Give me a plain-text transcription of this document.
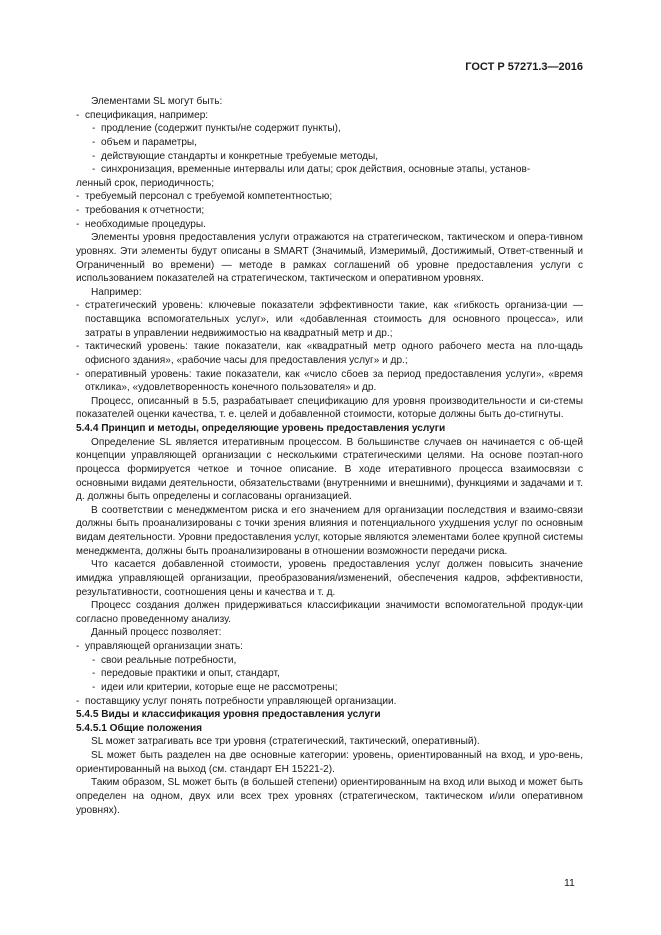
ГОСТ Р 57271.3—2016

Элементами SL могут быть:

- спецификация, например:

- продление (содержит пункты/не содержит пункты),

- объем и параметры,

- действующие стандарты и конкретные требуемые методы,

- синхронизация, временные интервалы или даты; срок действия, основные этапы, установ-

ленный срок, периодичность;

- требуемый персонал с требуемой компетентностью;

- требования к отчетности;

- необходимые процедуры.

Элементы уровня предоставления услуги отражаются на стратегическом, тактическом и опера-тивном уровнях. Эти элементы будут описаны в SMART (Значимый, Измеримый, Достижимый, Ответ-ственный и Ограниченный во времени) — методе в рамках соглашений об уровне предоставления услуги с использованием показателей на стратегическом, тактическом и оперативном уровнях.

Например:

- стратегический уровень: ключевые показатели эффективности такие, как «гибкость организа-ции — поставщика вспомогательных услуг», или «добавленная стоимость для основного процесса», или затраты в управлении недвижимостью на квадратный метр и др.;

- тактический уровень: такие показатели, как «квадратный метр одного рабочего места на пло-щадь офисного здания», «рабочие часы для предоставления услуг» и др.;

- оперативный уровень: такие показатели, как «число сбоев за период предоставления услуги», «время отклика», «удовлетворенность конечного пользователя» и др.

Процесс, описанный в 5.5, разрабатывает спецификацию для уровня производительности и си-стемы показателей оценки качества, т. е. целей и добавленной стоимости, которые должны быть до-стигнуты.

5.4.4 Принцип и методы, определяющие уровень предоставления услуги

Определение SL является итеративным процессом. В большинстве случаев он начинается с об-щей концепции управляющей организации с несколькими стратегическими целями. На основе поэтап-ного процесса формируется четкое и точное описание. В ходе итеративного процесса взаимосвязи с основными видами деятельности, обязательствами (внутренними и внешними), функциями и задачами и т. д. должны быть определены и согласованы организацией.

В соответствии с менеджментом риска и его значением для организации последствия и взаимо-связи должны быть проанализированы с точки зрения влияния и потенциального ухудшения услуг по основным видам деятельности. Уровни предоставления услуг, которые являются элементами более крупной системы менеджмента, должны быть проанализированы в отношении возможности передачи риска.

Что касается добавленной стоимости, уровень предоставления услуг должен повысить значение имиджа управляющей организации, преобразования/изменений, обеспечения кадров, эффективности, результативности, соотношения цены и качества и т. д.

Процесс создания должен придерживаться классификации значимости вспомогательной продук-ции согласно проведенному анализу.

Данный процесс позволяет:

- управляющей организации знать:

- свои реальные потребности,

- передовые практики и опыт, стандарт,

- идеи или критерии, которые еще не рассмотрены;

- поставщику услуг понять потребности управляющей организации.

5.4.5 Виды и классификация уровня предоставления услуги

5.4.5.1 Общие положения

SL может затрагивать все три уровня (стратегический, тактический, оперативный).

SL может быть разделен на две основные категории: уровень, ориентированный на вход, и уро-вень, ориентированный на выход (см. стандарт ЕН 15221-2).

Таким образом, SL может быть (в большей степени) ориентированным на вход или выход и может быть определен на одном, двух или всех трех уровнях (стратегическом, тактическом и/или оперативном уровнях).

11
